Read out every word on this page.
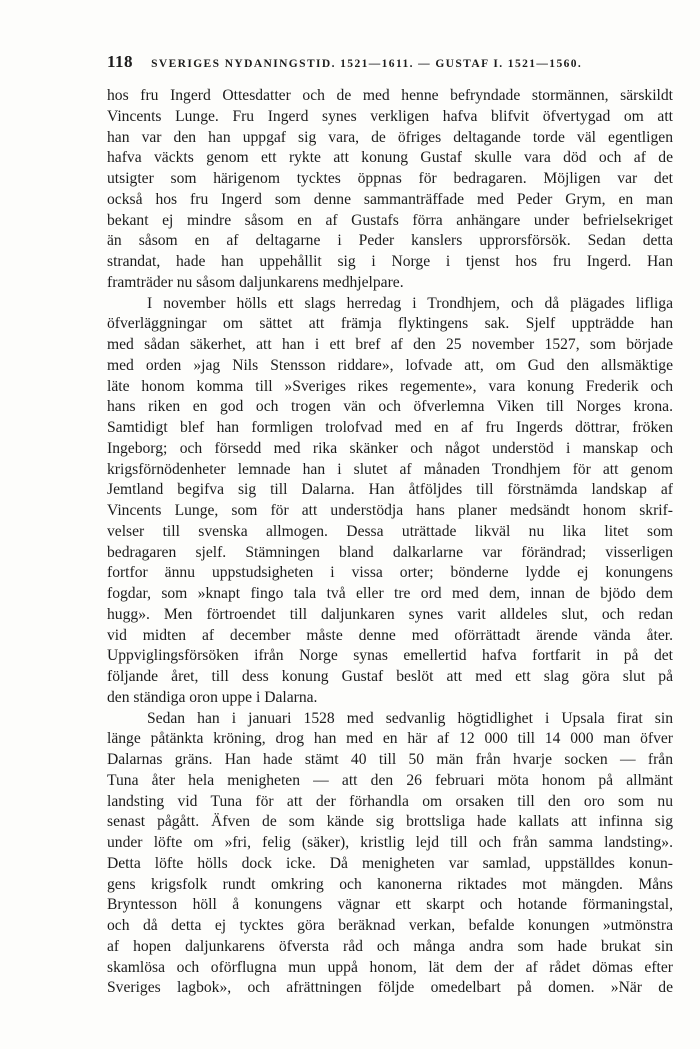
118 SVERIGES NYDANINGSTID. 1521—1611. — GUSTAF I. 1521—1560.
hos fru Ingerd Ottesdatter och de med henne befryndade stormännen, särskildt
Vincents Lunge. Fru Ingerd synes verkligen hafva blifvit öfvertygad om att
han var den han uppgaf sig vara, de öfriges deltagande torde väl egentligen
hafva väckts genom ett rykte att konung Gustaf skulle vara död och af de
utsigter som härigenom tycktes öppnas för bedragaren. Möjligen var det
också hos fru Ingerd som denne sammanträffade med Peder Grym, en man
bekant ej mindre såsom en af Gustafs förra anhängare under befrielsekriget
än såsom en af deltagarne i Peder kanslers upprorsförsök. Sedan detta
strandat, hade han uppehållit sig i Norge i tjenst hos fru Ingerd. Han
framträder nu såsom daljunkarens medhjelpare.
I november hölls ett slags herredag i Trondhjem, och då plägades lifliga
öfverläggningar om sättet att främja flyktingens sak. Sjelf uppträdde han
med sådan säkerhet, att han i ett bref af den 25 november 1527, som började
med orden »jag Nils Stensson riddare», lofvade att, om Gud den allsmäktige
läte honom komma till »Sveriges rikes regemente», vara konung Frederik och
hans riken en god och trogen vän och öfverlemna Viken till Norges krona.
Samtidigt blef han formligen trolofvad med en af fru Ingerds döttrar, fröken
Ingeborg; och försedd med rika skänker och något understöd i manskap och
krigsförnödenheter lemnade han i slutet af månaden Trondhjem för att genom
Jemtland begifva sig till Dalarna. Han åtföljdes till förstnämda landskap af
Vincents Lunge, som för att understödja hans planer medsändt honom skrif-
velser till svenska allmogen. Dessa uträttade likväl nu lika litet som
bedragaren sjelf. Stämningen bland dalkarlarne var förändrad; visserligen
fortfor ännu uppstudsigheten i vissa orter; bönderne lydde ej konungens
fogdar, som »knapt fingo tala två eller tre ord med dem, innan de bjödo dem
hugg». Men förtroendet till daljunkaren synes varit alldeles slut, och redan
vid midten af december måste denne med oförrättadt ärende vända åter.
Uppviglingsförsöken ifrån Norge synas emellertid hafva fortfarit in på det
följande året, till dess konung Gustaf beslöt att med ett slag göra slut på
den ständiga oron uppe i Dalarna.
Sedan han i januari 1528 med sedvanlig högtidlighet i Upsala firat sin
länge påtänkta kröning, drog han med en här af 12 000 till 14 000 man öfver
Dalarnas gräns. Han hade stämt 40 till 50 män från hvarje socken — från
Tuna åter hela menigheten — att den 26 februari möta honom på allmänt
landsting vid Tuna för att der förhandla om orsaken till den oro som nu
senast pågått. Äfven de som kände sig brottsliga hade kallats att infinna sig
under löfte om »fri, felig (säker), kristlig lejd till och från samma landsting».
Detta löfte hölls dock icke. Då menigheten var samlad, uppställdes konun-
gens krigsfolk rundt omkring och kanonerna riktades mot mängden. Måns
Bryntesson höll å konungens vägnar ett skarpt och hotande förmaningstal,
och då detta ej tycktes göra beräknad verkan, befalde konungen »utmönstra
af hopen daljunkarens öfversta råd och många andra som hade brukat sin
skamlösa och oförflugna mun uppå honom, lät dem der af rådet dömas efter
Sveriges lagbok», och afrättningen följde omedelbart på domen. »När de
